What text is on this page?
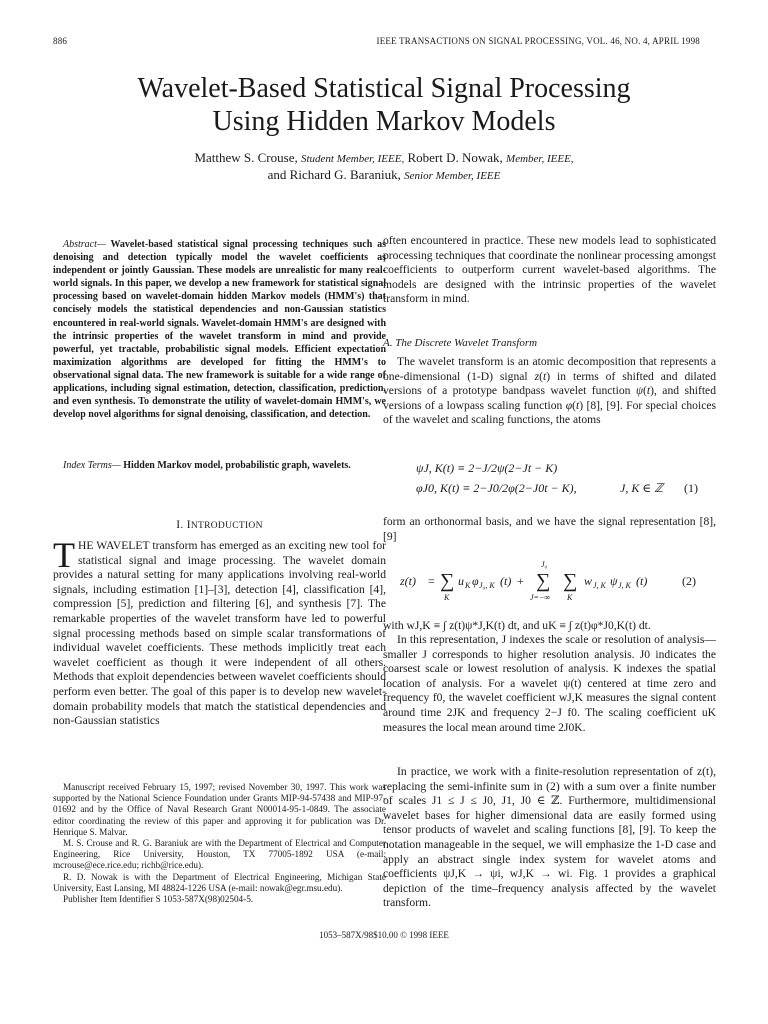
886	IEEE TRANSACTIONS ON SIGNAL PROCESSING, VOL. 46, NO. 4, APRIL 1998
Wavelet-Based Statistical Signal Processing
Using Hidden Markov Models
Matthew S. Crouse, Student Member, IEEE, Robert D. Nowak, Member, IEEE,
and Richard G. Baraniuk, Senior Member, IEEE
Abstract— Wavelet-based statistical signal processing techniques such as denoising and detection typically model the wavelet coefficients as independent or jointly Gaussian. These models are unrealistic for many real-world signals. In this paper, we develop a new framework for statistical signal processing based on wavelet-domain hidden Markov models (HMM's) that concisely models the statistical dependencies and non-Gaussian statistics encountered in real-world signals. Wavelet-domain HMM's are designed with the intrinsic properties of the wavelet transform in mind and provide powerful, yet tractable, probabilistic signal models. Efficient expectation maximization algorithms are developed for fitting the HMM's to observational signal data. The new framework is suitable for a wide range of applications, including signal estimation, detection, classification, prediction, and even synthesis. To demonstrate the utility of wavelet-domain HMM's, we develop novel algorithms for signal denoising, classification, and detection.
Index Terms— Hidden Markov model, probabilistic graph, wavelets.
I. INTRODUCTION
THE WAVELET transform has emerged as an exciting new tool for statistical signal and image processing. The wavelet domain provides a natural setting for many applications involving real-world signals, including estimation [1]–[3], detection [4], classification [4], compression [5], prediction and filtering [6], and synthesis [7]. The remarkable properties of the wavelet transform have led to powerful signal processing methods based on simple scalar transformations of individual wavelet coefficients. These methods implicitly treat each wavelet coefficient as though it were independent of all others. Methods that exploit dependencies between wavelet coefficients should perform even better. The goal of this paper is to develop new wavelet-domain probability models that match the statistical dependencies and non-Gaussian statistics

Manuscript received February 15, 1997; revised November 30, 1997. This work was supported by the National Science Foundation under Grants MIP-94-57438 and MIP-97-01692 and by the Office of Naval Research Grant N00014-95-1-0849. The associate editor coordinating the review of this paper and approving it for publication was Dr. Henrique S. Malvar.

M. S. Crouse and R. G. Baraniuk are with the Department of Electrical and Computer Engineering, Rice University, Houston, TX 77005-1892 USA (e-mail: mcrouse@ece.rice.edu; richb@rice.edu).

R. D. Nowak is with the Department of Electrical Engineering, Michigan State University, East Lansing, MI 48824-1226 USA (e-mail: nowak@egr.msu.edu).

Publisher Item Identifier S 1053-587X(98)02504-5.

often encountered in practice. These new models lead to sophisticated processing techniques that coordinate the nonlinear processing amongst coefficients to outperform current wavelet-based algorithms. The models are designed with the intrinsic properties of the wavelet transform in mind.

A. The Discrete Wavelet Transform

The wavelet transform is an atomic decomposition that represents a one-dimensional (1-D) signal z(t) in terms of shifted and dilated versions of a prototype bandpass wavelet function ψ(t), and shifted versions of a lowpass scaling function φ(t) [8], [9]. For special choices of the wavelet and scaling functions, the atoms

ψJ, K(t) ≡ 2−J/2ψ(2−Jt − K)
φJ0, K(t) ≡ 2−J0/2φ(2−J0t − K),	J, K ∈ ℤ (1)

form an orthonormal basis, and we have the signal representation [8], [9]

z(t) = ∑
K
u K φ J₀, K (t) +
J₀
∑
J=−∞
∑
K
w J, K ψ J, K (t)	(2)

with wJ,K ≡ ∫ z(t)ψ*J,K(t) dt, and uK ≡ ∫ z(t)φ*J0,K(t) dt.

In this representation, J indexes the scale or resolution of analysis—smaller J corresponds to higher resolution analysis. J0 indicates the coarsest scale or lowest resolution of analysis. K indexes the spatial location of analysis. For a wavelet ψ(t) centered at time zero and frequency f0, the wavelet coefficient wJ,K measures the signal content around time 2JK and frequency 2−J f0. The scaling coefficient uK measures the local mean around time 2J0K.

In practice, we work with a finite-resolution representation of z(t), replacing the semi-infinite sum in (2) with a sum over a finite number of scales J1 ≤ J ≤ J0, J1, J0 ∈ ℤ. Furthermore, multidimensional wavelet bases for higher dimensional data are easily formed using tensor products of wavelet and scaling functions [8], [9]. To keep the notation manageable in the sequel, we will emphasize the 1-D case and apply an abstract single index system for wavelet atoms and coefficients ψJ,K → ψi, wJ,K → wi. Fig. 1 provides a graphical depiction of the time–frequency analysis affected by the wavelet transform.

1053–587X/98$10.00 © 1998 IEEE
